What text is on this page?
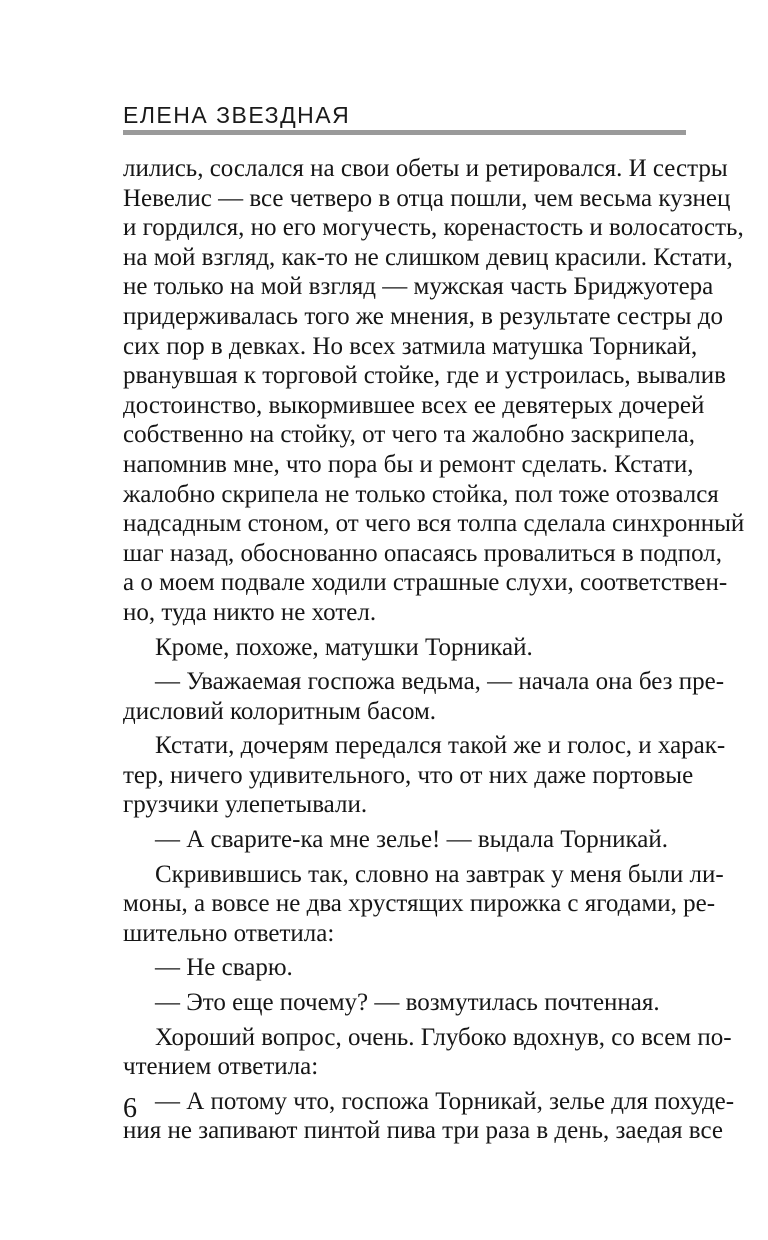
ЕЛЕНА ЗВЕЗДНАЯ

лились, сослался на свои обеты и ретировался. И сестры
Невелис — все четверо в отца пошли, чем весьма кузнец
и гордился, но его могучесть, коренастость и волосатость,
на мой взгляд, как-то не слишком девиц красили. Кстати,
не только на мой взгляд — мужская часть Бриджуотера
придерживалась того же мнения, в результате сестры до
сих пор в девках. Но всех затмила матушка Торникай,
рванувшая к торговой стойке, где и устроилась, вывалив
достоинство, выкормившее всех ее девятерых дочерей
собственно на стойку, от чего та жалобно заскрипела,
напомнив мне, что пора бы и ремонт сделать. Кстати,
жалобно скрипела не только стойка, пол тоже отозвался
надсадным стоном, от чего вся толпа сделала синхронный
шаг назад, обоснованно опасаясь провалиться в подпол,
а о моем подвале ходили страшные слухи, соответствен-
но, туда никто не хотел.

Кроме, похоже, матушки Торникай.

— Уважаемая госпожа ведьма, — начала она без пре-
дисловий колоритным басом.

Кстати, дочерям передался такой же и голос, и харак-
тер, ничего удивительного, что от них даже портовые
грузчики улепетывали.

— А сварите-ка мне зелье! — выдала Торникай.

Скривившись так, словно на завтрак у меня были ли-
моны, а вовсе не два хрустящих пирожка с ягодами, ре-
шительно ответила:

— Не сварю.

— Это еще почему? — возмутилась почтенная.

Хороший вопрос, очень. Глубоко вдохнув, со всем по-
чтением ответила:

— А потому что, госпожа Торникай, зелье для похуде-
ния не запивают пинтой пива три раза в день, заедая все

6
